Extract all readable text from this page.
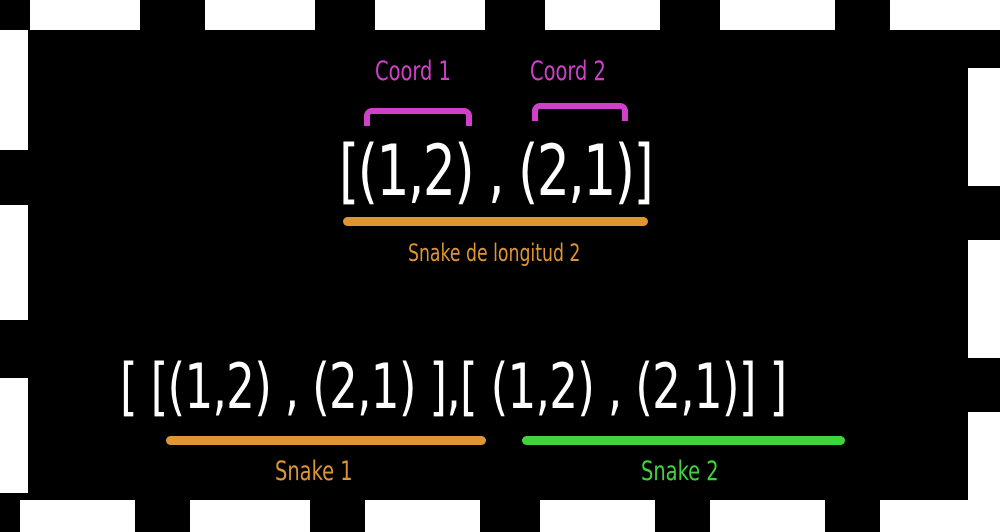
Coord 1	Coord 2
[(1,2) , (2,1)]
Snake de longitud 2
[ [(1,2) , (2,1) ],[ (1,2) , (2,1)] ]
Snake 1	Snake 2
